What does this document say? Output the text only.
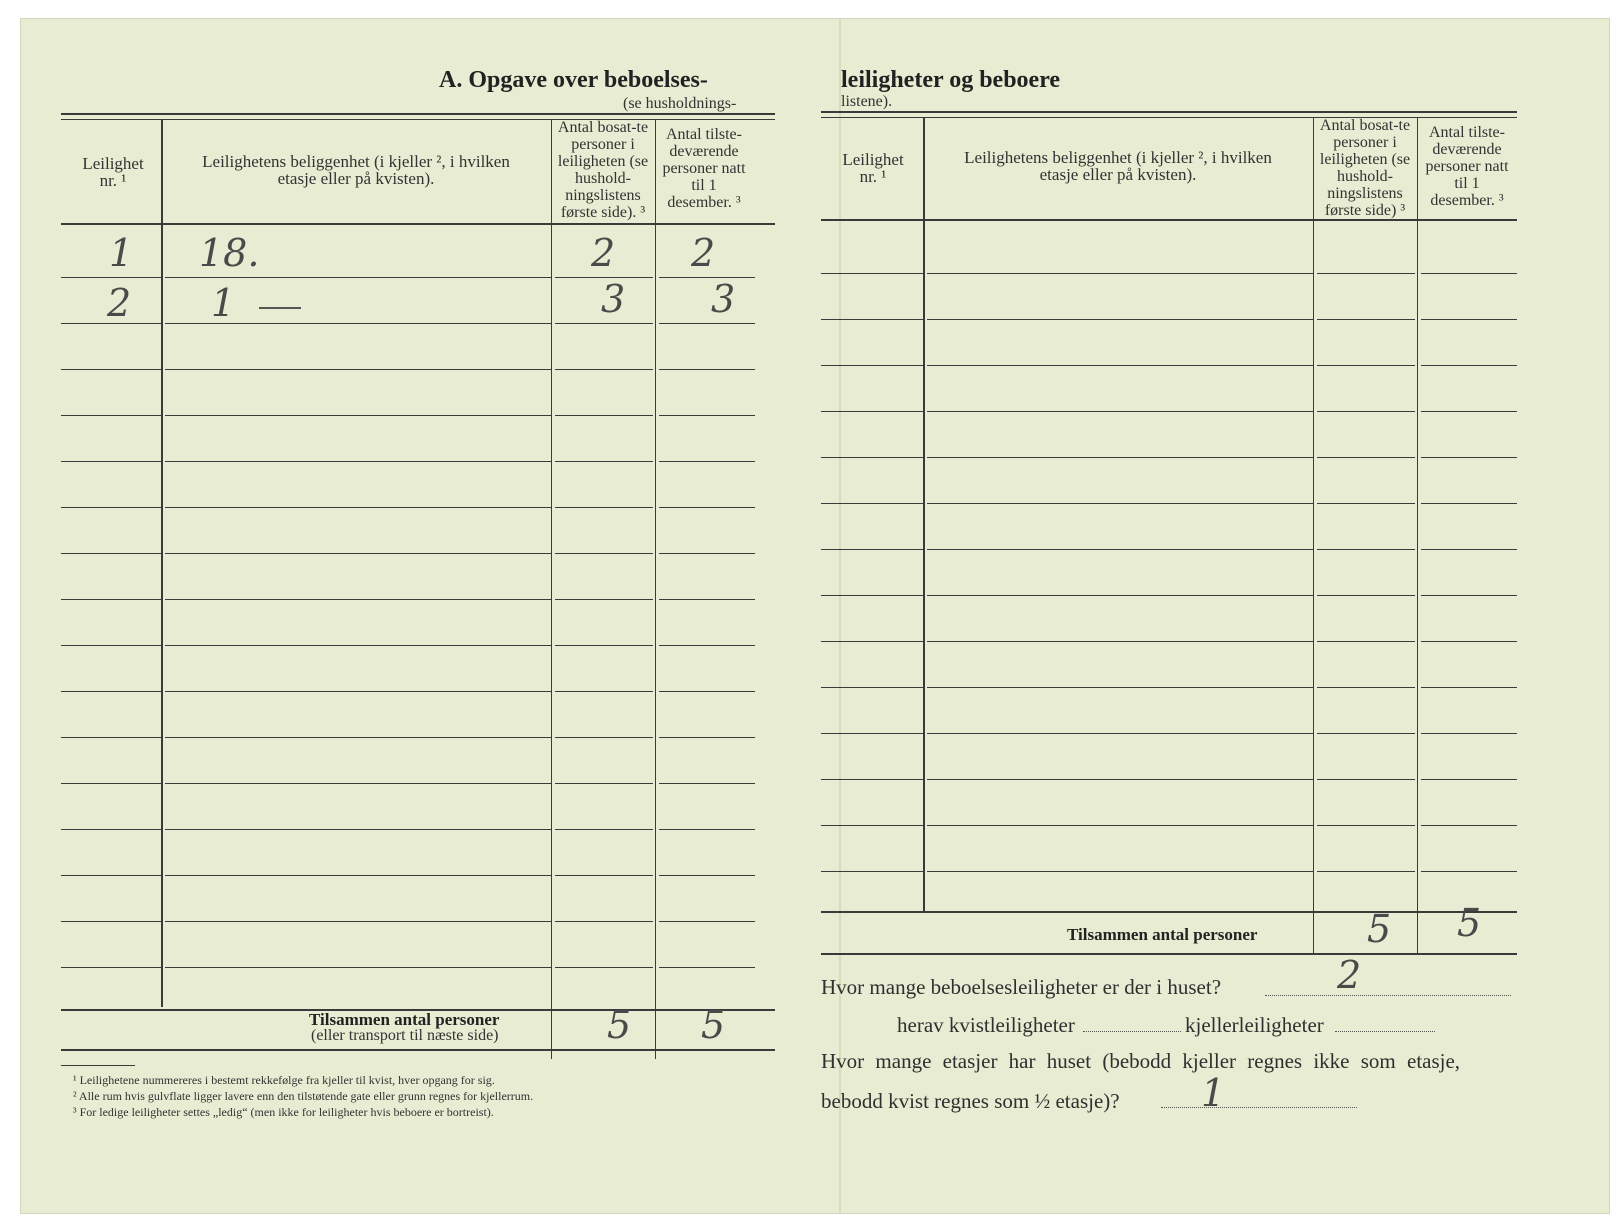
A. Opgave over beboelses-
(se husholdnings-
Leilighet nr. ¹
Leilighetens beliggenhet (i kjeller ², i hvilken etasje eller på kvisten).
Antal bosat-te personer i leiligheten (se hushold-ningslistens første side). ³
Antal tilste-deværende personer natt til 1 desember. ³
1 18.	2 2
2 1	3 3
Tilsammen antal personer
(eller transport til næste side)	5 5
¹ Leilighetene nummereres i bestemt rekkefølge fra kjeller til kvist, hver opgang for sig.
² Alle rum hvis gulvflate ligger lavere enn den tilstøtende gate eller grunn regnes for kjellerrum.
³ For ledige leiligheter settes „ledig“ (men ikke for leiligheter hvis beboere er bortreist).
leiligheter og beboere
listene).
Leilighet nr. ¹
Leilighetens beliggenhet (i kjeller ², i hvilken etasje eller på kvisten).
Antal bosat-te personer i leiligheten (se hushold-ningslistens første side) ³
Antal tilste-deværende personer natt til 1 desember. ³
Tilsammen antal personer	5 5
Hvor mange beboelsesleiligheter er der i huset?	2
herav kvistleiligheter	kjellerleiligheter
Hvor mange etasjer har huset (bebodd kjeller regnes ikke som etasje,
bebodd kvist regnes som ½ etasje)? 1
